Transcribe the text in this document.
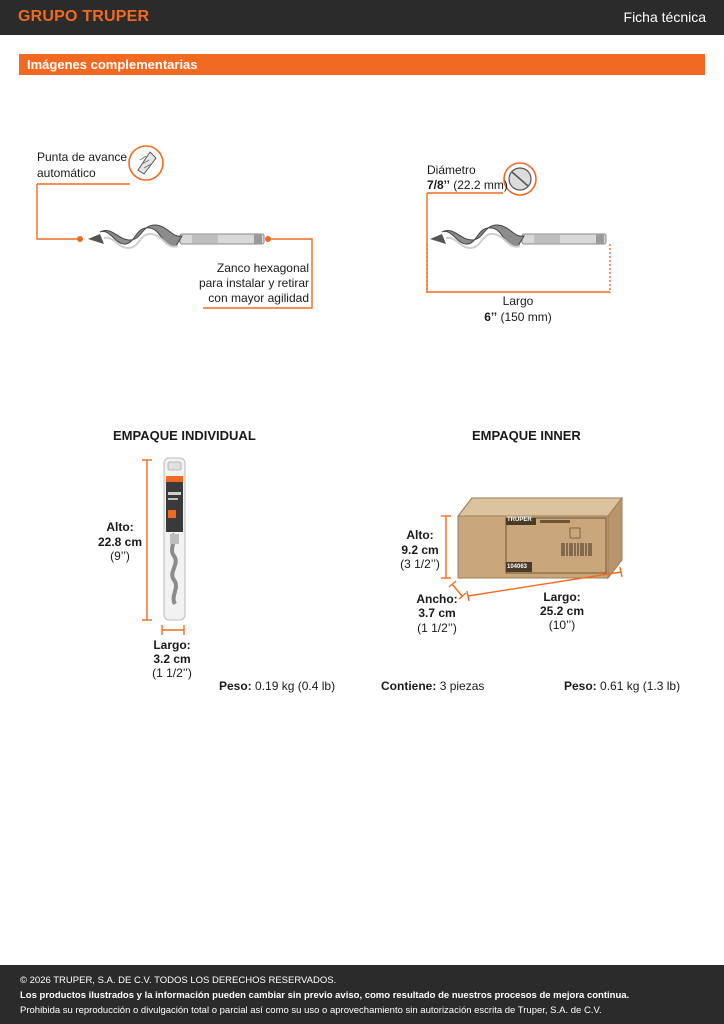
GRUPO TRUPER	Ficha técnica
Imágenes complementarias
TRUPER
104063
Punta de avance
automático
Zanco hexagonal
para instalar y retirar
con mayor agilidad
Diámetro
7/8’’ (22.2 mm)
Largo
6’’ (150 mm)
EMPAQUE INDIVIDUAL
Alto:
22.8 cm
(9’’)
Largo:
3.2 cm
(1 1/2’’)
Peso: 0.19 kg (0.4 lb)
EMPAQUE INNER
Alto:
9.2 cm
(3 1/2’’)
Ancho:
3.7 cm
(1 1/2’’)
Largo:
25.2 cm
(10’’)
Contiene: 3 piezas	Peso: 0.61 kg (1.3 lb)
© 2026 TRUPER, S.A. DE C.V. TODOS LOS DERECHOS RESERVADOS.
Los productos ilustrados y la información pueden cambiar sin previo aviso, como resultado de nuestros procesos de mejora continua.
Prohibida su reproducción o divulgación total o parcial así como su uso o aprovechamiento sin autorización escrita de Truper, S.A. de C.V.
